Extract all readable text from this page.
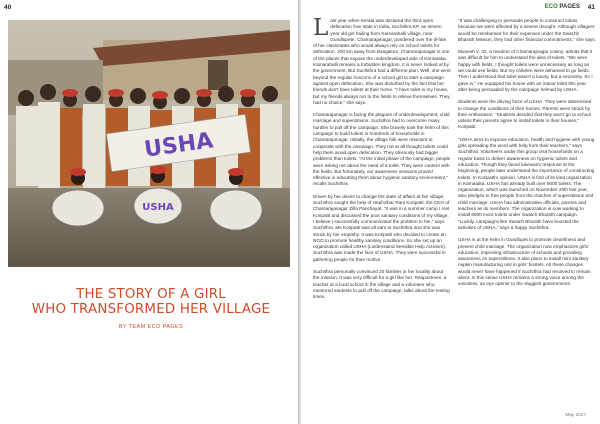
40
USHA
USHA
THE STORY OF A GIRL
WHO TRANSFORMED HER VILLAGE
BY TEAM ECO PAGES
ECO PAGES 41

Last year when Kerala was declared the third open defecation free state in India, Suchithra KP, an eleven year old girl hailing from Kamarahalli village, near Gundlupete, Chamarajanagar, pondered over the ill-fate of her classmates who would always rely on school toilets for defecation. 200 km away from Bangalore, Chamarajanagar is one of the places that expose the underdeveloped side of Karnataka. Kamarahalli remains a forbidden kingdom. It is never looked at by the government. But Suchithra had a different plan. Well, she went beyond the regular horizons of a school girl to start a campaign against open defecation. She was disturbed by the fact that her friends don't have toilets at their home. "I have toilet in my house, but my friends always run to the fields to relieve themselves. They had no choice," she says.

Chamarajanagar is facing the plagues of underdevelopment, child marriage and superstitions. Suchithra had to overcome many hurdles to pull off the campaign. She bravely took the helm of this campaign to build toilets in hundreds of households in Chamarajanagar. Initially, the village folk were reluctant to cooperate with the campaign. They not at all thought toilets could help them avoid open defecation. They obviously had bigger problems than toilets. "At the initial phase of the campaign, people were asking me about the need of a toilet. They were content with the fields. But fortunately, our awareness sessions proved effective in educating them about hygienic sanitary environment," recalls Suchithra.

Driven by her desire to change the state of affairs at her village, Suchithra sought the help of Hephzibar Rani Koripatti, the CEO of Chamarajanagar Zilla Panchayat. "It was in a summer camp I met Koripatti and discussed the poor sanitary conditions of my village. I believe I successfully communicated the problem to her," says Suchithra. Ms Koripatti was all ears to Suchithra and she was struck by her empathy. It was Koripatti who decided to create an NGO to promote healthy sanitary conditions. So she set up an organization called USHA (Lindenstand Sensible Help Activism). Suchithra was made the face of USHA. They were successful in gathering people for their motive.

Suchithra personally convinced 20 families in her locality about the mission. It was very difficult for a girl like her. Reapostrees, a teacher at a local school in the village and a volunteer who mentored students to pull off the campaign, talks about the testing times.

"It was challenging to persuade people to construct toilets because we were affected by a severe drought. Although villagers would be reimbursed for their expenses under the Swachh Bharath Mission, they had other financial commitments," she says.

Munesh V, 32, a resident of Chamarajnagar colony, admits that it was difficult for him to understand the idea of toilets. "We were happy with fields. I thought toilets were unnecessary as long as we could use fields. But my children were ashamed to go fields. Then I understood that toilet wasn't a luxury, but a necessity. So I gave in," He equipped his house with an indoor toilet this year after being persuaded by the campaign helmed by USHA.

Students were the driving force of USHA. They were determined to change the conditions of their homes. Parents were struck by their enthusiasm. "Students decided that they won't go to school unless their parents agree to install toilets in their houses," Koripatti.

"USHA aims to improve education, health and hygiene with young girls spreading the word with help from their teachers," says Suchithra. Volunteers under this group visit households on a regular basis to deliver awareness on hygienic toilets and education. Though they faced lukewarm response at the beginning, people later understand the importance of constructing toilets. In Koripatti's opinion, USHA is first of its kind organization in Karnataka. USHA has already built over 9000 toilets. The organization, which was launched on November 25th last year, also pledges to free people from the clutches of superstitions and child marriage. USHA has administrative officials, parents and teachers as its members. The organization is now working to install 9000 more toilets under Swatch Bharath campaign. "Luckily, campaigns like Swatch Bharath have boosted the activities of USHA," says a happy Suchithra.

USHA is at the helm in Gundlupet to promote cleanliness and prevent child marriage. The organization now emphasizes girls' education, improving infrastructure of schools and providing awareness on superstitions. It also plans to install mini sanitary napkin manufacturing unit in girls' hostels. All these changes would never have happened if Suchithra had resolved to remain silent. In this sense USHA remains a strong voice among the voiceless, an eye opener to the sluggish governments.

May 2017
